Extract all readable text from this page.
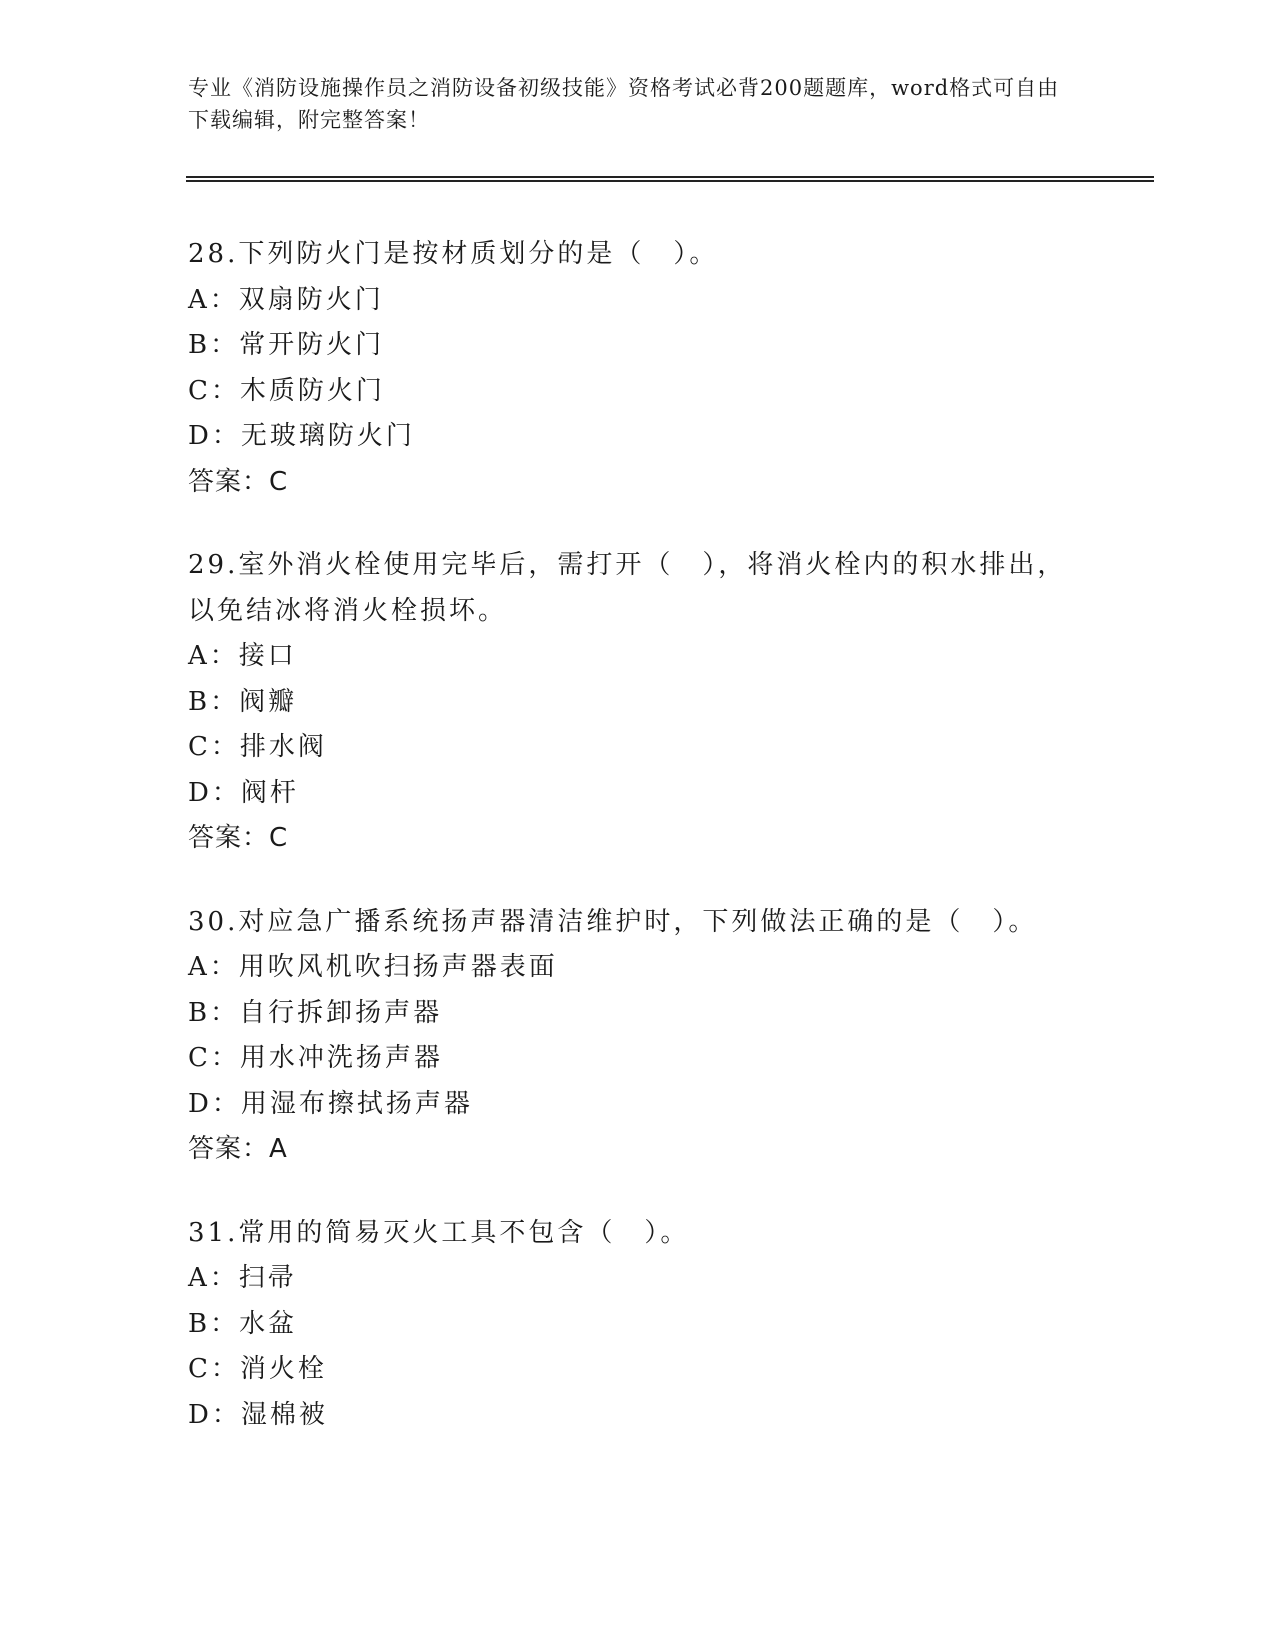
专业《消防设施操作员之消防设备初级技能》资格考试必背200题题库，word格式可自由下载编辑，附完整答案！
28.下列防火门是按材质划分的是（　）。
A：双扇防火门
B：常开防火门
C：木质防火门
D：无玻璃防火门
答案：C
29.室外消火栓使用完毕后，需打开（　），将消火栓内的积水排出，以免结冰将消火栓损坏。
A：接口
B：阀瓣
C：排水阀
D：阀杆
答案：C
30.对应急广播系统扬声器清洁维护时，下列做法正确的是（　）。
A：用吹风机吹扫扬声器表面
B：自行拆卸扬声器
C：用水冲洗扬声器
D：用湿布擦拭扬声器
答案：A
31.常用的简易灭火工具不包含（　）。
A：扫帚
B：水盆
C：消火栓
D：湿棉被
